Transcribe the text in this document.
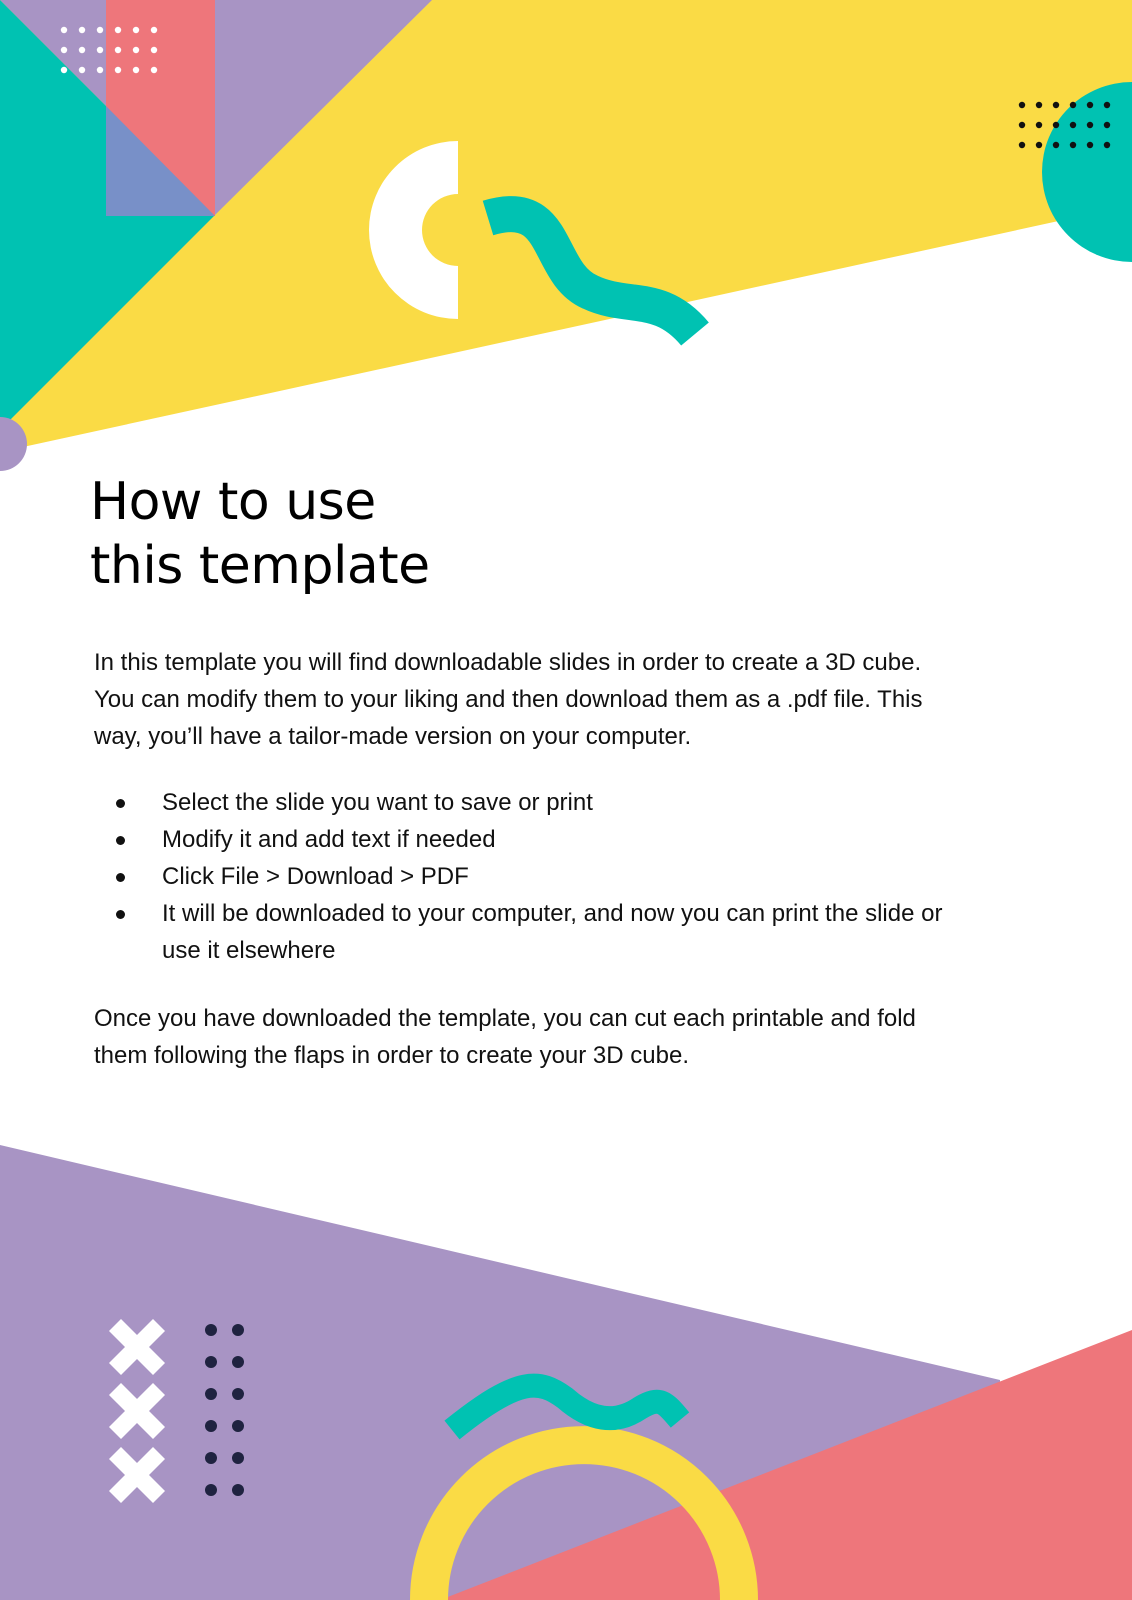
How to use
this template

In this template you will find downloadable slides in order to create a 3D cube.
You can modify them to your liking and then download them as a .pdf file. This
way, you’ll have a tailor-made version on your computer.

Select the slide you want to save or print
Modify it and add text if needed
Click File > Download > PDF
It will be downloaded to your computer, and now you can print the slide or
use it elsewhere

Once you have downloaded the template, you can cut each printable and fold
them following the flaps in order to create your 3D cube.
